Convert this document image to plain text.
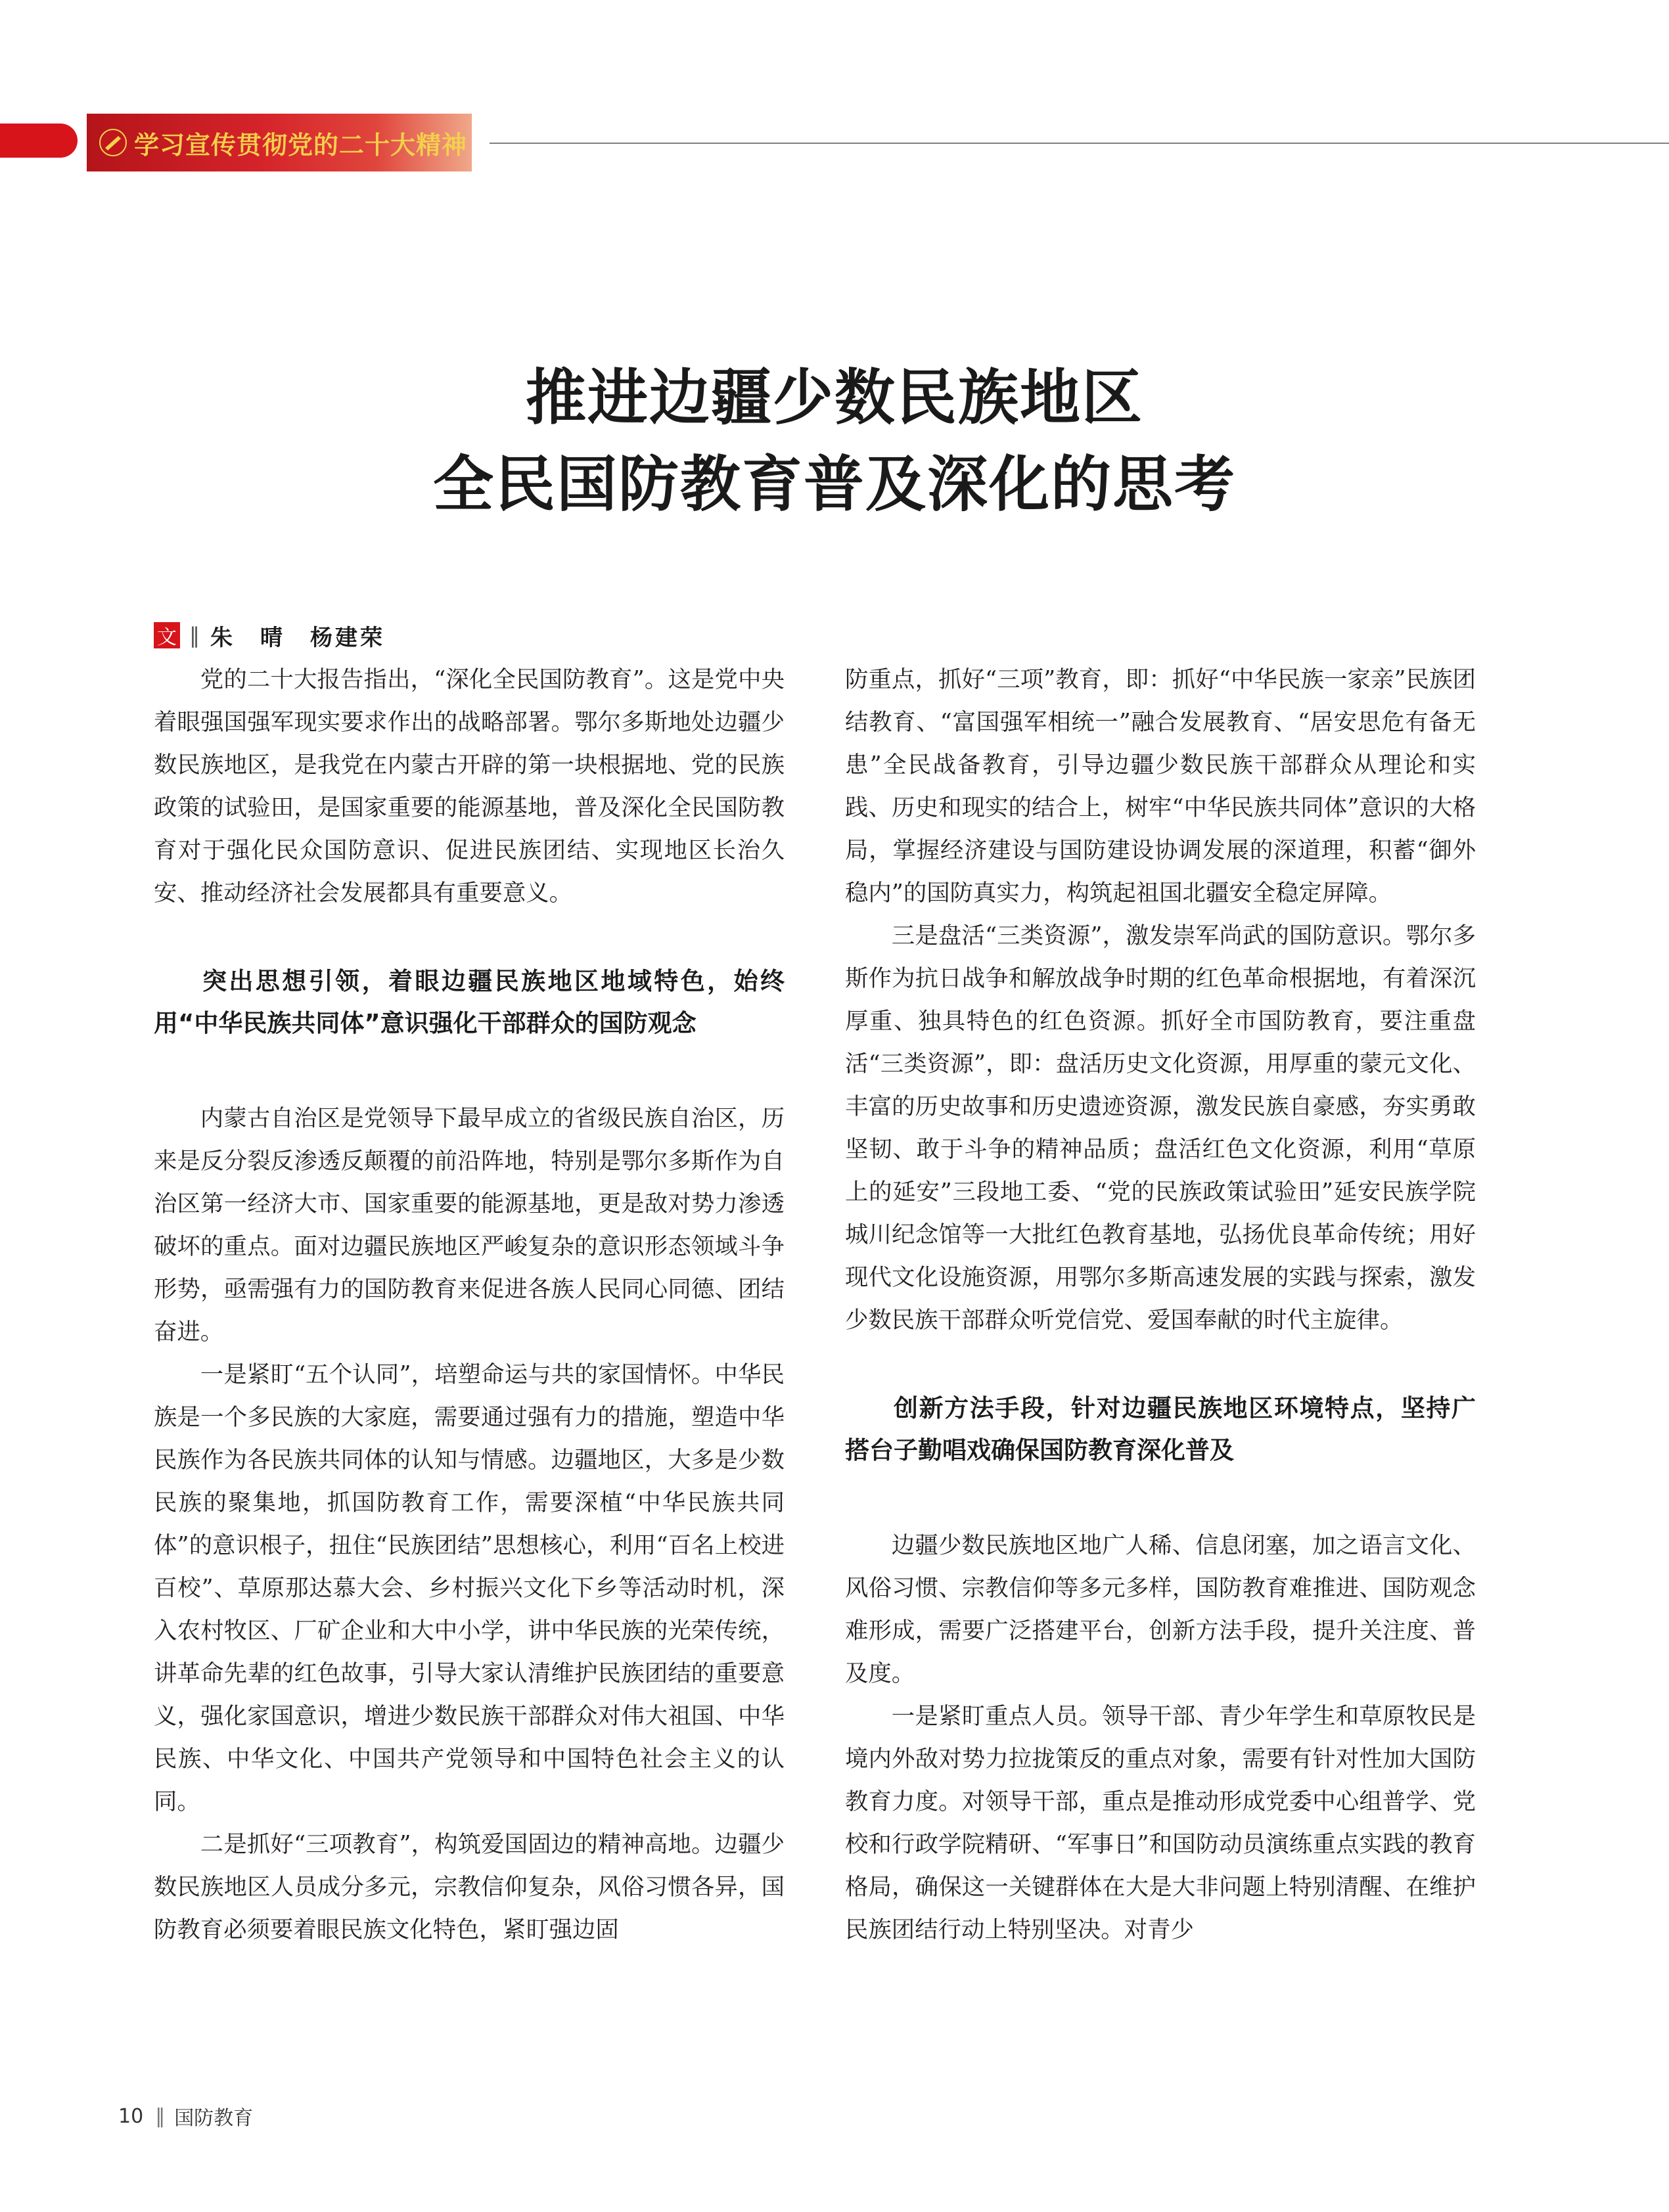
学习宣传贯彻党的二十大精神
推进边疆少数民族地区
全民国防教育普及深化的思考
文 ‖ 朱　晴　杨建荣

党的二十大报告指出，“深化全民国防教育”。这是党中央着眼强国强军现实要求作出的战略部署。鄂尔多斯地处边疆少数民族地区，是我党在内蒙古开辟的第一块根据地、党的民族政策的试验田，是国家重要的能源基地，普及深化全民国防教育对于强化民众国防意识、促进民族团结、实现地区长治久安、推动经济社会发展都具有重要意义。

突出思想引领，着眼边疆民族地区地域特色，始终用“中华民族共同体”意识强化干部群众的国防观念

内蒙古自治区是党领导下最早成立的省级民族自治区，历来是反分裂反渗透反颠覆的前沿阵地，特别是鄂尔多斯作为自治区第一经济大市、国家重要的能源基地，更是敌对势力渗透破坏的重点。面对边疆民族地区严峻复杂的意识形态领域斗争形势，亟需强有力的国防教育来促进各族人民同心同德、团结奋进。

一是紧盯“五个认同”，培塑命运与共的家国情怀。中华民族是一个多民族的大家庭，需要通过强有力的措施，塑造中华民族作为各民族共同体的认知与情感。边疆地区，大多是少数民族的聚集地，抓国防教育工作，需要深植“中华民族共同体”的意识根子，扭住“民族团结”思想核心，利用“百名上校进百校”、草原那达慕大会、乡村振兴文化下乡等活动时机，深入农村牧区、厂矿企业和大中小学，讲中华民族的光荣传统，讲革命先辈的红色故事，引导大家认清维护民族团结的重要意义，强化家国意识，增进少数民族干部群众对伟大祖国、中华民族、中华文化、中国共产党领导和中国特色社会主义的认同。

二是抓好“三项教育”，构筑爱国固边的精神高地。边疆少数民族地区人员成分多元，宗教信仰复杂，风俗习惯各异，国防教育必须要着眼民族文化特色，紧盯强边固

防重点，抓好“三项”教育，即：抓好“中华民族一家亲”民族团结教育、“富国强军相统一”融合发展教育、“居安思危有备无患”全民战备教育，引导边疆少数民族干部群众从理论和实践、历史和现实的结合上，树牢“中华民族共同体”意识的大格局，掌握经济建设与国防建设协调发展的深道理，积蓄“御外稳内”的国防真实力，构筑起祖国北疆安全稳定屏障。

三是盘活“三类资源”，激发崇军尚武的国防意识。鄂尔多斯作为抗日战争和解放战争时期的红色革命根据地，有着深沉厚重、独具特色的红色资源。抓好全市国防教育，要注重盘活“三类资源”，即：盘活历史文化资源，用厚重的蒙元文化、丰富的历史故事和历史遗迹资源，激发民族自豪感，夯实勇敢坚韧、敢于斗争的精神品质；盘活红色文化资源，利用“草原上的延安”三段地工委、“党的民族政策试验田”延安民族学院城川纪念馆等一大批红色教育基地，弘扬优良革命传统；用好现代文化设施资源，用鄂尔多斯高速发展的实践与探索，激发少数民族干部群众听党信党、爱国奉献的时代主旋律。

创新方法手段，针对边疆民族地区环境特点，坚持广搭台子勤唱戏确保国防教育深化普及

边疆少数民族地区地广人稀、信息闭塞，加之语言文化、风俗习惯、宗教信仰等多元多样，国防教育难推进、国防观念难形成，需要广泛搭建平台，创新方法手段，提升关注度、普及度。

一是紧盯重点人员。领导干部、青少年学生和草原牧民是境内外敌对势力拉拢策反的重点对象，需要有针对性加大国防教育力度。对领导干部，重点是推动形成党委中心组普学、党校和行政学院精研、“军事日”和国防动员演练重点实践的教育格局，确保这一关键群体在大是大非问题上特别清醒、在维护民族团结行动上特别坚决。对青少

10 ‖ 国防教育
